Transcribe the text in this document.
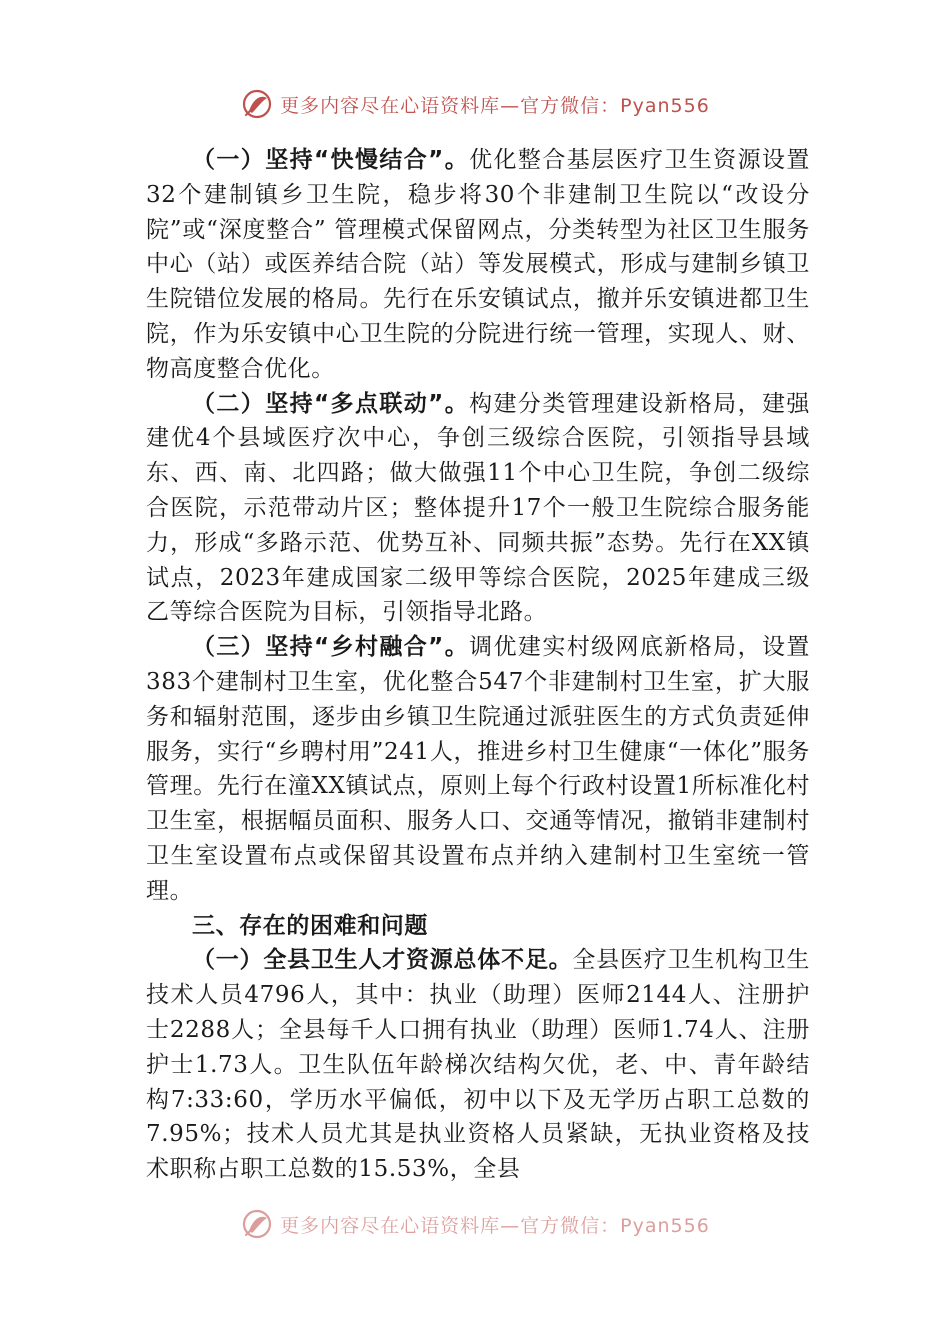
更多内容尽在心语资料库—官方微信：Pyan556

（一）坚持“快慢结合”。优化整合基层医疗卫生资源设置32个建制镇乡卫生院，稳步将30个非建制卫生院以“改设分院”或“深度整合” 管理模式保留网点，分类转型为社区卫生服务中心（站）或医养结合院（站）等发展模式，形成与建制乡镇卫生院错位发展的格局。先行在乐安镇试点，撤并乐安镇进都卫生院，作为乐安镇中心卫生院的分院进行统一管理，实现人、财、物高度整合优化。

（二）坚持“多点联动”。构建分类管理建设新格局，建强建优4个县域医疗次中心，争创三级综合医院，引领指导县域东、西、南、北四路；做大做强11个中心卫生院，争创二级综合医院，示范带动片区；整体提升17个一般卫生院综合服务能力，形成“多路示范、优势互补、同频共振”态势。先行在XX镇试点，2023年建成国家二级甲等综合医院，2025年建成三级乙等综合医院为目标，引领指导北路。

（三）坚持“乡村融合”。调优建实村级网底新格局，设置383个建制村卫生室，优化整合547个非建制村卫生室，扩大服务和辐射范围，逐步由乡镇卫生院通过派驻医生的方式负责延伸服务，实行“乡聘村用”241人，推进乡村卫生健康“一体化”服务管理。先行在潼XX镇试点，原则上每个行政村设置1所标准化村卫生室，根据幅员面积、服务人口、交通等情况，撤销非建制村卫生室设置布点或保留其设置布点并纳入建制村卫生室统一管理。

三、存在的困难和问题

（一）全县卫生人才资源总体不足。全县医疗卫生机构卫生技术人员4796人，其中：执业（助理）医师2144人、注册护士2288人；全县每千人口拥有执业（助理）医师1.74人、注册护士1.73人。卫生队伍年龄梯次结构欠优，老、中、青年龄结构7:33:60，学历水平偏低，初中以下及无学历占职工总数的7.95%；技术人员尤其是执业资格人员紧缺，无执业资格及技术职称占职工总数的15.53%，全县

更多内容尽在心语资料库—官方微信：Pyan556
